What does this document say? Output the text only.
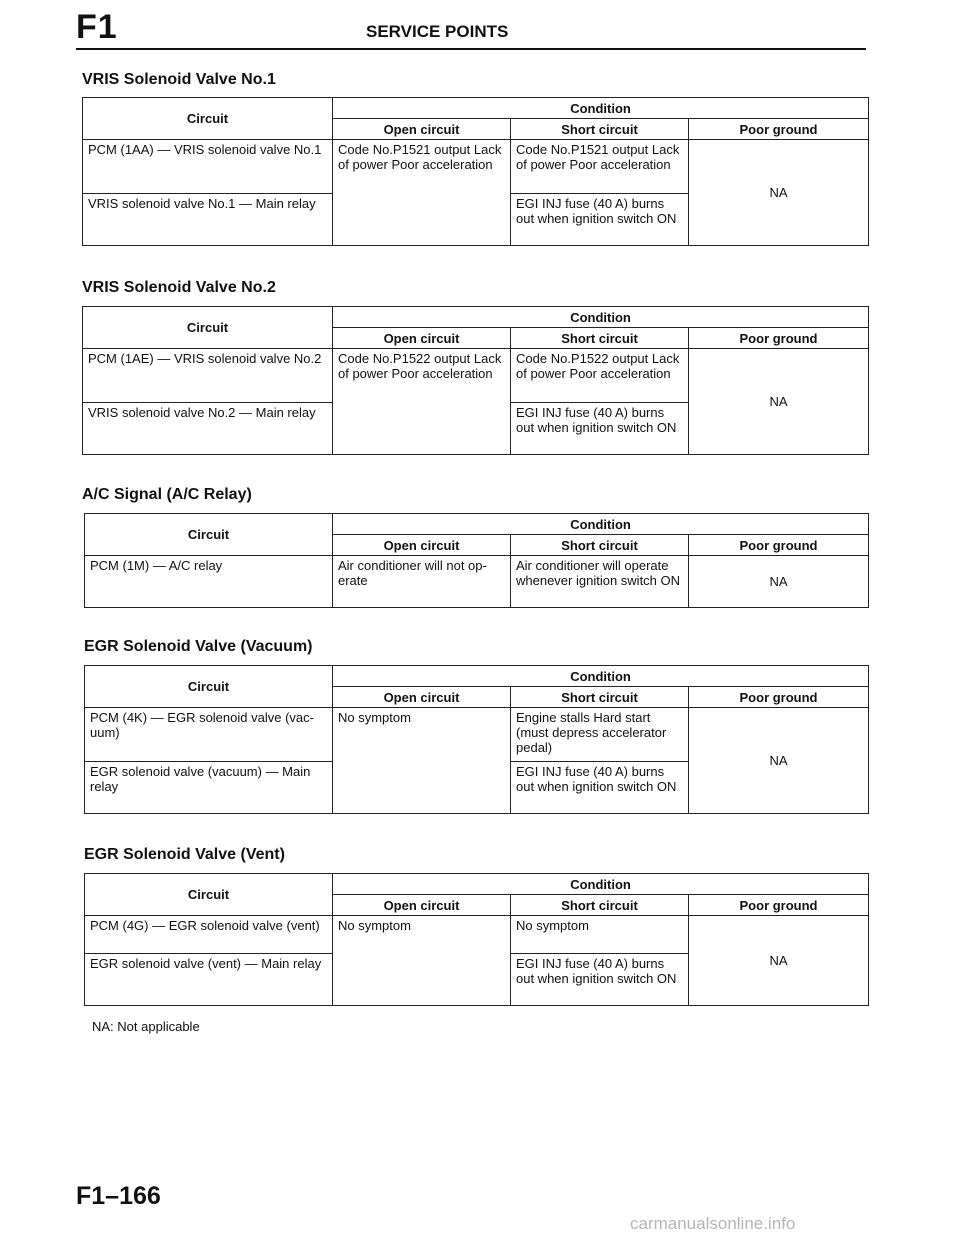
F1	SERVICE POINTS
VRIS Solenoid Valve No.1
Circuit	Condition		
	Open circuit	Short circuit	Poor ground
PCM (1AA) — VRIS solenoid valve No.1	Code No.P1521 output Lack of power Poor acceleration	Code No.P1521 output Lack of power Poor acceleration	NA
VRIS solenoid valve No.1 — Main relay		EGI INJ fuse (40 A) burns out when ignition switch ON	
VRIS Solenoid Valve No.2
Circuit	Condition		
	Open circuit	Short circuit	Poor ground
PCM (1AE) — VRIS solenoid valve No.2	Code No.P1522 output Lack of power Poor acceleration	Code No.P1522 output Lack of power Poor acceleration	NA
VRIS solenoid valve No.2 — Main relay		EGI INJ fuse (40 A) burns out when ignition switch ON	
A/C Signal (A/C Relay)
Circuit	Condition		
	Open circuit	Short circuit	Poor ground
PCM (1M) — A/C relay	Air conditioner will not op-erate	Air conditioner will operate whenever ignition switch ON	NA
EGR Solenoid Valve (Vacuum)
Circuit	Condition		
	Open circuit	Short circuit	Poor ground
PCM (4K) — EGR solenoid valve (vac-uum)	No symptom	Engine stalls Hard start (must depress accelerator pedal)	NA
EGR solenoid valve (vacuum) — Main relay		EGI INJ fuse (40 A) burns out when ignition switch ON	
EGR Solenoid Valve (Vent)
Circuit	Condition		
	Open circuit	Short circuit	Poor ground
PCM (4G) — EGR solenoid valve (vent)	No symptom	No symptom	NA
EGR solenoid valve (vent) — Main relay		EGI INJ fuse (40 A) burns out when ignition switch ON	
NA: Not applicable
F1–166
carmanualsonline.info
